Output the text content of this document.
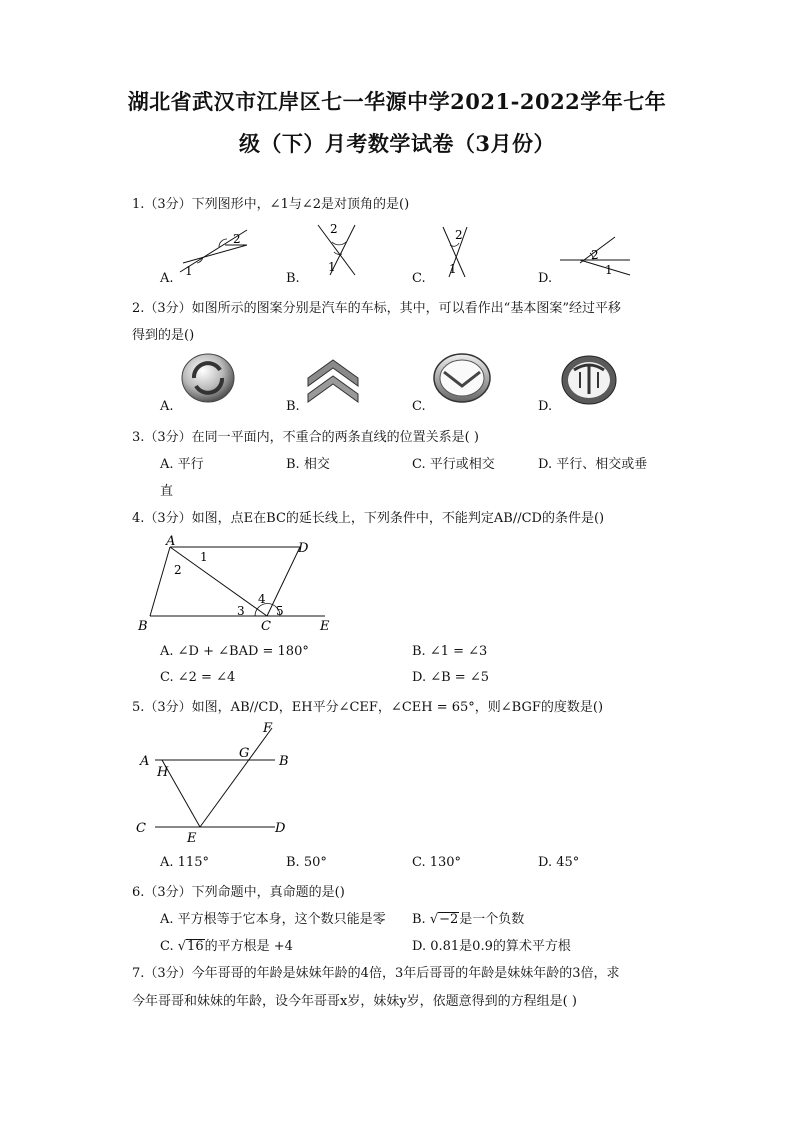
湖北省武汉市江岸区七一华源中学2021-2022学年七年
级（下）月考数学试卷（3月份）
1.（3分）下列图形中，∠1与∠2是对顶角的是()
2
1
A.
2
1
B.
2
1
C.
2
1
D.
2.（3分）如图所示的图案分别是汽车的车标，其中，可以看作出“基本图案”经过平移
得到的是()
A.	B.	C.	D.
3.（3分）在同一平面内，不重合的两条直线的位置关系是( )
A. 平行	B. 相交	C. 平行或相交	D. 平行、相交或垂
直
4.（3分）如图，点E在BC的延长线上，下列条件中，不能判定AB//CD的条件是()
A	D
B	C	E
1
2
3
4
5
A. ∠D + ∠BAD = 180°	B. ∠1 = ∠3
C. ∠2 = ∠4	D. ∠B = ∠5
5.（3分）如图，AB//CD，EH平分∠CEF，∠CEH = 65°，则∠BGF的度数是()
F
A
G
B
H
C
E
D
A. 115°	B. 50°	C. 130°	D. 45°
6.（3分）下列命题中，真命题的是()
A. 平方根等于它本身，这个数只能是零 B. √−2是一个负数
C. √16的平方根是 +4	D. 0.81是0.9的算术平方根
7.（3分）今年哥哥的年龄是妹妹年龄的4倍，3年后哥哥的年龄是妹妹年龄的3倍，求
今年哥哥和妹妹的年龄，设今年哥哥x岁，妹妹y岁，依题意得到的方程组是( )
